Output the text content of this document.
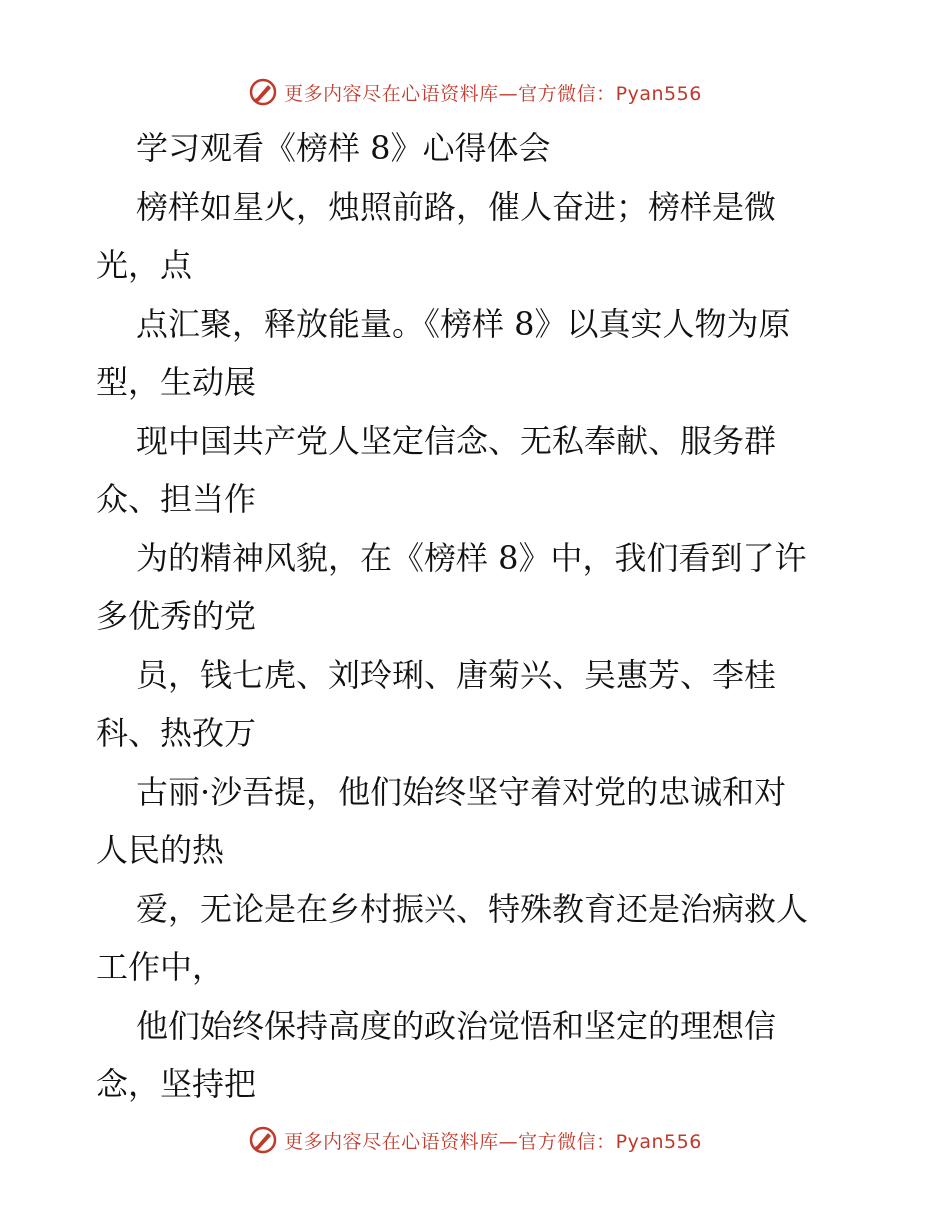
更多内容尽在心语资料库—官方微信：Pyan556
学习观看《榜样 8》心得体会
榜样如星火，烛照前路，催人奋进；榜样是微
光，点
点汇聚，释放能量。《榜样 8》以真实人物为原
型，生动展
现中国共产党人坚定信念、无私奉献、服务群
众、担当作
为的精神风貌，在《榜样 8》中，我们看到了许
多优秀的党
员，钱七虎、刘玲琍、唐菊兴、吴惠芳、李桂
科、热孜万
古丽·沙吾提，他们始终坚守着对党的忠诚和对
人民的热
爱，无论是在乡村振兴、特殊教育还是治病救人
工作中，
他们始终保持高度的政治觉悟和坚定的理想信
念，坚持把
更多内容尽在心语资料库—官方微信：Pyan556
